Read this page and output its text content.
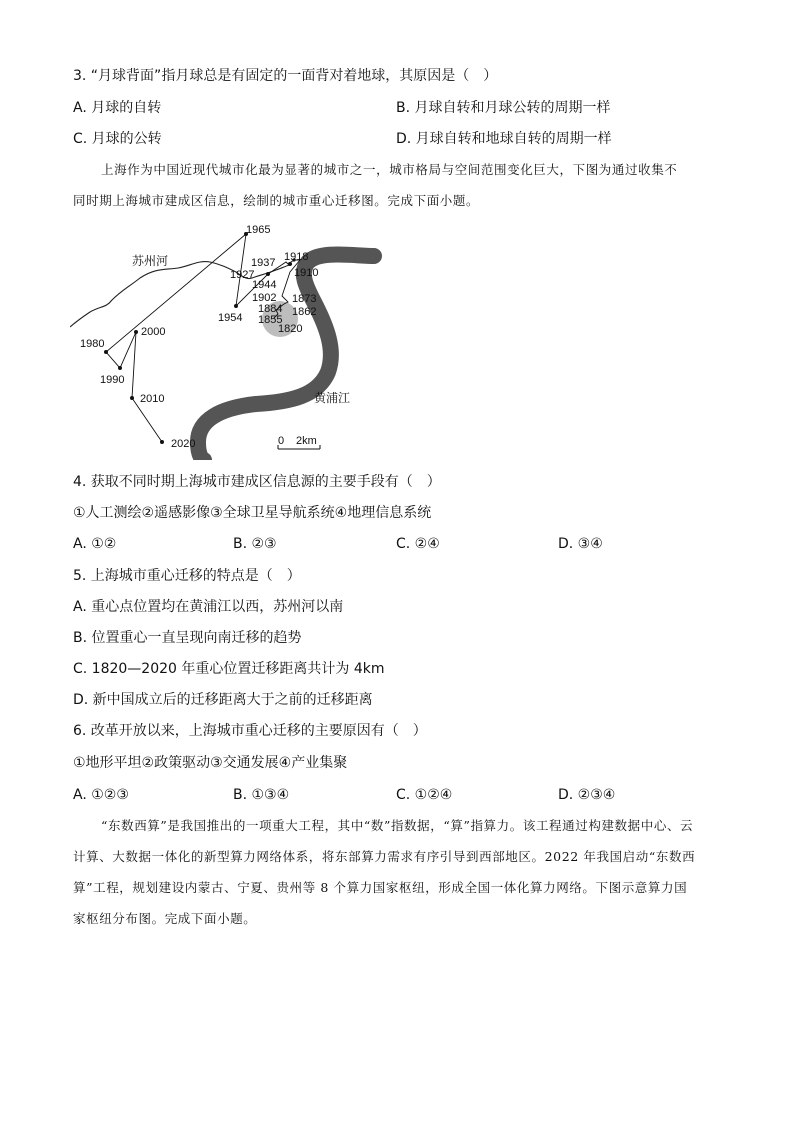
3. “月球背面”指月球总是有固定的一面背对着地球，其原因是（　）
A. 月球的自转	B. 月球自转和月球公转的周期一样
C. 月球的公转	D. 月球自转和地球自转的周期一样
上海作为中国近现代城市化最为显著的城市之一，城市格局与空间范围变化巨大，下图为通过收集不
同时期上海城市建成区信息，绘制的城市重心迁移图。完成下面小题。
苏州河
黄浦江
1965
1937 1918
1927	1910
1944
1902 1873
1884 1862
1954 1855
1820
2000
1980
1990
2010
2020	0 2km
4. 获取不同时期上海城市建成区信息源的主要手段有（　）
①人工测绘②遥感影像③全球卫星导航系统④地理信息系统
A. ①②	B. ②③	C. ②④	D. ③④
5. 上海城市重心迁移的特点是（　）
A. 重心点位置均在黄浦江以西，苏州河以南
B. 位置重心一直呈现向南迁移的趋势
C. 1820—2020 年重心位置迁移距离共计为 4km
D. 新中国成立后的迁移距离大于之前的迁移距离
6. 改革开放以来，上海城市重心迁移的主要原因有（　）
①地形平坦②政策驱动③交通发展④产业集聚
A. ①②③	B. ①③④	C. ①②④	D. ②③④
“东数西算”是我国推出的一项重大工程，其中“数”指数据，“算”指算力。该工程通过构建数据中心、云
计算、大数据一体化的新型算力网络体系，将东部算力需求有序引导到西部地区。2022 年我国启动“东数西
算”工程，规划建设内蒙古、宁夏、贵州等 8 个算力国家枢纽，形成全国一体化算力网络。下图示意算力国
家枢纽分布图。完成下面小题。
